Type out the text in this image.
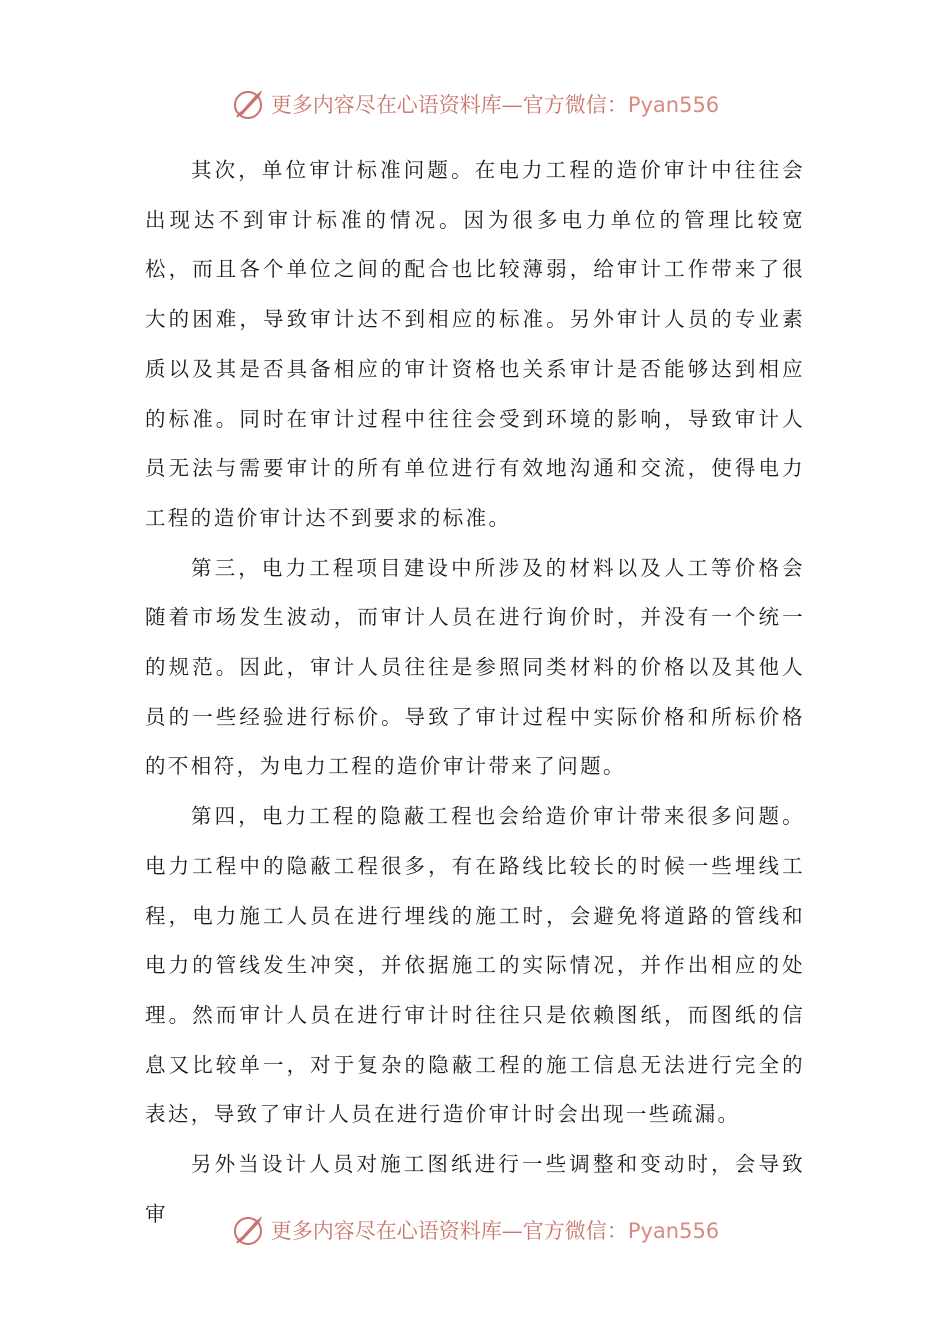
更多内容尽在心语资料库—官方微信：Pyan556

其次，单位审计标准问题。在电力工程的造价审计中往往会出现达不到审计标准的情况。因为很多电力单位的管理比较宽松，而且各个单位之间的配合也比较薄弱，给审计工作带来了很大的困难，导致审计达不到相应的标准。另外审计人员的专业素质以及其是否具备相应的审计资格也关系审计是否能够达到相应的标准。同时在审计过程中往往会受到环境的影响，导致审计人员无法与需要审计的所有单位进行有效地沟通和交流，使得电力工程的造价审计达不到要求的标准。

第三，电力工程项目建设中所涉及的材料以及人工等价格会随着市场发生波动，而审计人员在进行询价时，并没有一个统一的规范。因此，审计人员往往是参照同类材料的价格以及其他人员的一些经验进行标价。导致了审计过程中实际价格和所标价格的不相符，为电力工程的造价审计带来了问题。

第四，电力工程的隐蔽工程也会给造价审计带来很多问题。电力工程中的隐蔽工程很多，有在路线比较长的时候一些埋线工程，电力施工人员在进行埋线的施工时，会避免将道路的管线和电力的管线发生冲突，并依据施工的实际情况，并作出相应的处理。然而审计人员在进行审计时往往只是依赖图纸，而图纸的信息又比较单一，对于复杂的隐蔽工程的施工信息无法进行完全的表达，导致了审计人员在进行造价审计时会出现一些疏漏。

另外当设计人员对施工图纸进行一些调整和变动时，会导致审

更多内容尽在心语资料库—官方微信：Pyan556
